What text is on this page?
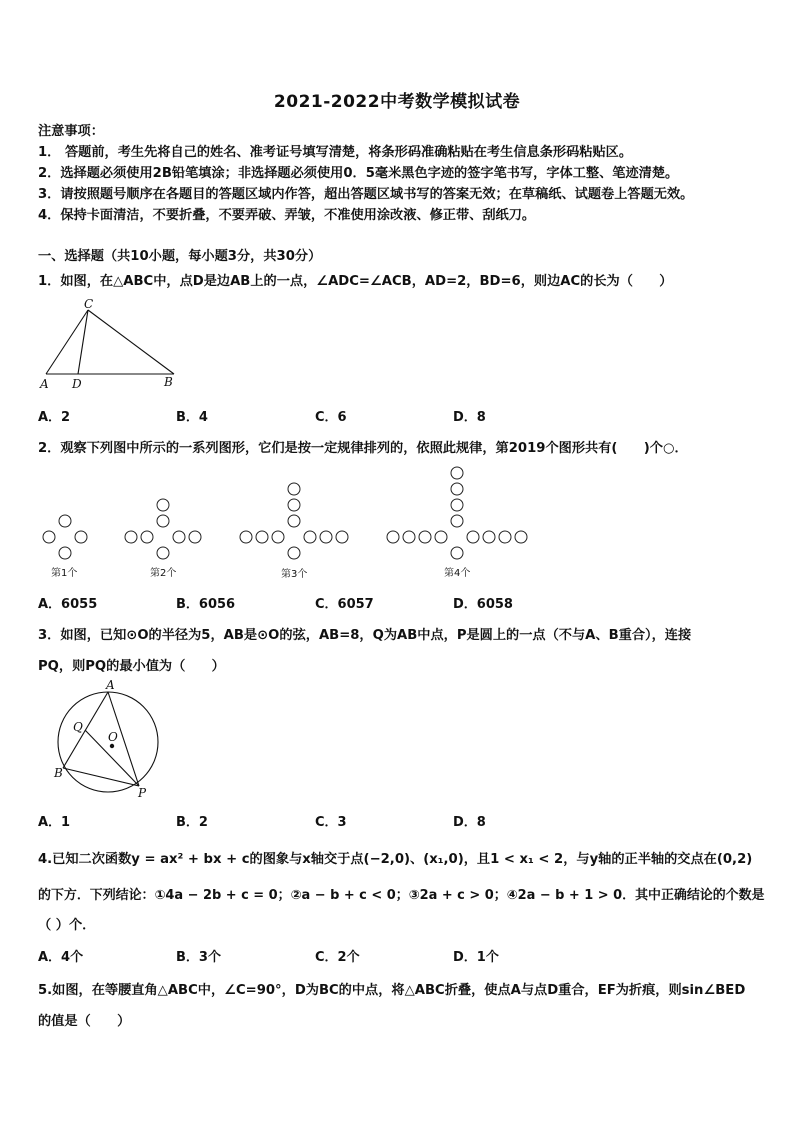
2021-2022中考数学模拟试卷
注意事项：
1． 答题前，考生先将自己的姓名、准考证号填写清楚，将条形码准确粘贴在考生信息条形码粘贴区。
2．选择题必须使用2B铅笔填涂；非选择题必须使用0．5毫米黑色字迹的签字笔书写，字体工整、笔迹清楚。
3．请按照题号顺序在各题目的答题区域内作答，超出答题区域书写的答案无效；在草稿纸、试题卷上答题无效。
4．保持卡面清洁，不要折叠，不要弄破、弄皱，不准使用涂改液、修正带、刮纸刀。
一、选择题（共10小题，每小题3分，共30分）
1．如图，在△ABC中，点D是边AB上的一点，∠ADC=∠ACB，AD=2，BD=6，则边AC的长为（　　）
C
A D	B
A．2	B．4	C．6	D．8
2．观察下列图中所示的一系列图形，它们是按一定规律排列的，依照此规律，第2019个图形共有(　　)个○．
第1个	第2个	第3个	第4个
A．6055	B．6056	C．6057	D．6058
3．如图，已知⊙O的半径为5，AB是⊙O的弦，AB=8，Q为AB中点，P是圆上的一点（不与A、B重合），连接
PQ，则PQ的最小值为（　　）
A
Q
O
B
P
A．1	B．2	C．3	D．8
4.已知二次函数y = ax² + bx + c的图象与x轴交于点(−2,0)、(x₁,0)，且1 < x₁ < 2，与y轴的正半轴的交点在(0,2)
的下方．下列结论：①4a − 2b + c = 0；②a − b + c < 0；③2a + c > 0；④2a − b + 1 > 0．其中正确结论的个数是
（ ）个．
A．4个	B．3个	C．2个	D．1个
5.如图，在等腰直角△ABC中，∠C=90°，D为BC的中点，将△ABC折叠，使点A与点D重合，EF为折痕，则sin∠BED
的值是（　　）
